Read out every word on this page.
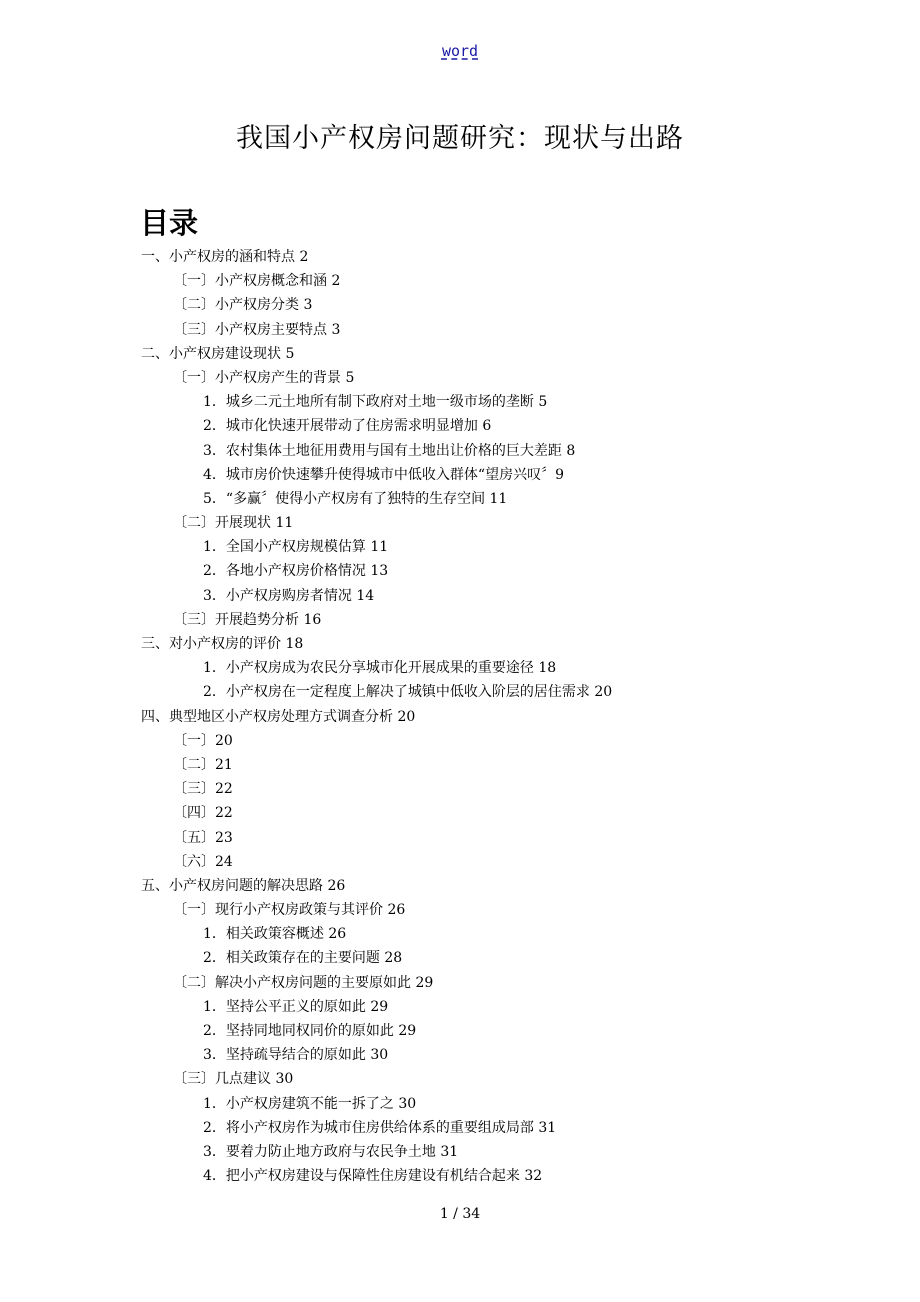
word
我国小产权房问题研究：现状与出路
目录
一、小产权房的涵和特点 2
〔一〕小产权房概念和涵 2
〔二〕小产权房分类 3
〔三〕小产权房主要特点 3
二、小产权房建设现状 5
〔一〕小产权房产生的背景 5
1．城乡二元土地所有制下政府对土地一级市场的垄断 5
2．城市化快速开展带动了住房需求明显增加 6
3．农村集体土地征用费用与国有土地出让价格的巨大差距 8
4．城市房价快速攀升使得城市中低收入群体“望房兴叹〞9
5．“多赢〞使得小产权房有了独特的生存空间 11
〔二〕开展现状 11
1．全国小产权房规模估算 11
2．各地小产权房价格情况 13
3．小产权房购房者情况 14
〔三〕开展趋势分析 16
三、对小产权房的评价 18
1．小产权房成为农民分享城市化开展成果的重要途径 18
2．小产权房在一定程度上解决了城镇中低收入阶层的居住需求 20
四、典型地区小产权房处理方式调查分析 20
〔一〕20
〔二〕21
〔三〕22
〔四〕22
〔五〕23
〔六〕24
五、小产权房问题的解决思路 26
〔一〕现行小产权房政策与其评价 26
1．相关政策容概述 26
2．相关政策存在的主要问题 28
〔二〕解决小产权房问题的主要原如此 29
1．坚持公平正义的原如此 29
2．坚持同地同权同价的原如此 29
3．坚持疏导结合的原如此 30
〔三〕几点建议 30
1．小产权房建筑不能一拆了之 30
2．将小产权房作为城市住房供给体系的重要组成局部 31
3．要着力防止地方政府与农民争土地 31
4．把小产权房建设与保障性住房建设有机结合起来 32
1 / 34
